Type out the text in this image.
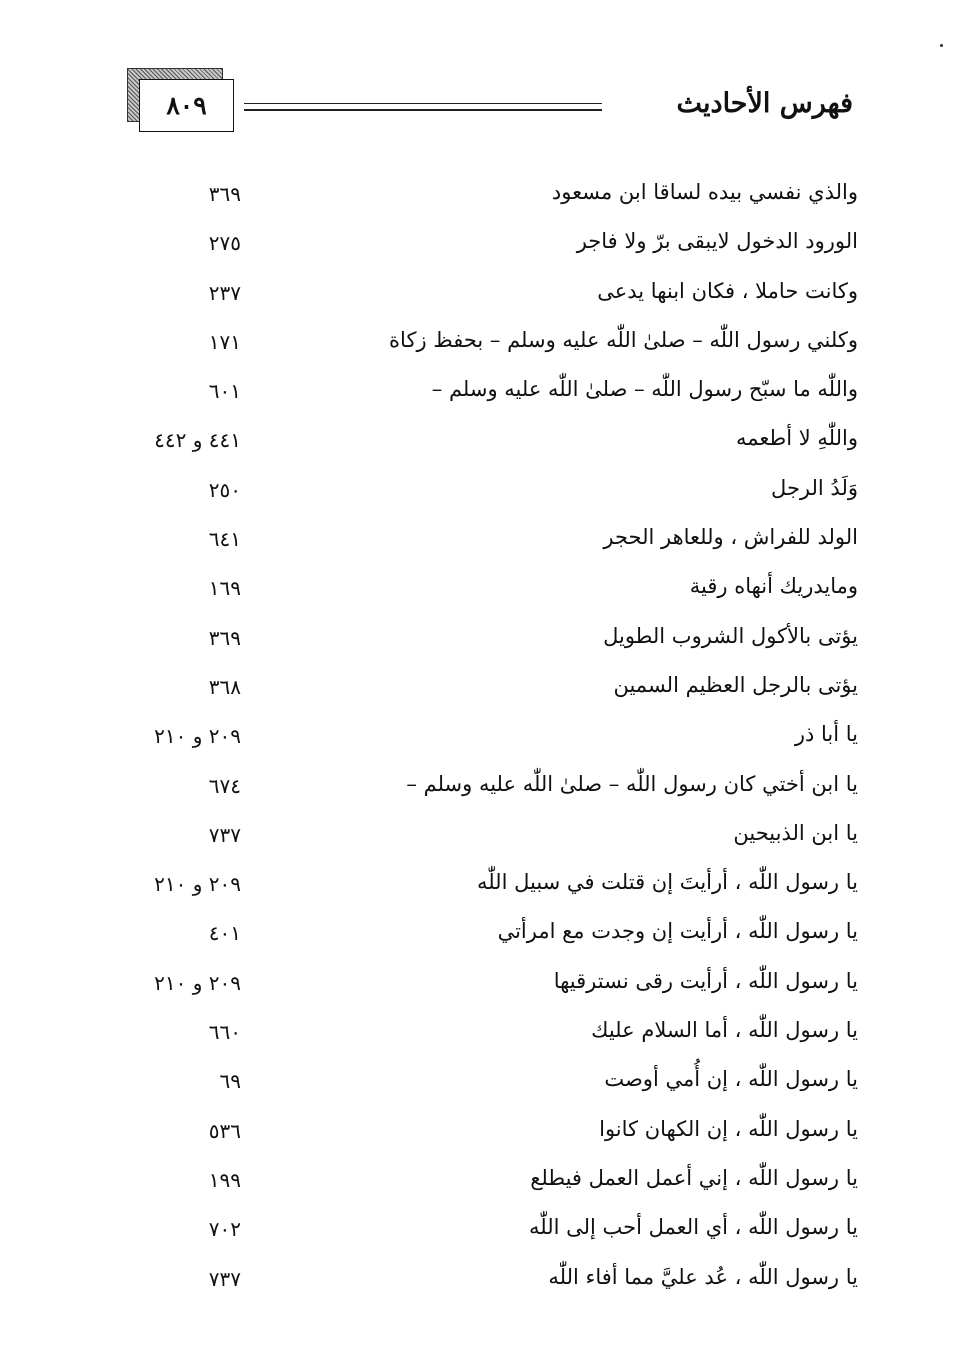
فهرس الأحاديث
٨٠٩
والذي نفسي بيده لساقا ابن مسعود
٣٦٩
الورود الدخول لايبقى برّ ولا فاجر
٢٧٥
وكانت حاملا ، فكان ابنها يدعى
٢٣٧
وكلني رسول اللّٰه – صلىٰ اللّٰه عليه وسلم – بحفظ زكاة
١٧١
واللّٰه ما سبّح رسول اللّٰه – صلىٰ اللّٰه عليه وسلم –
٦٠١
واللّٰهِ لا أطعمه
٤٤١ و ٤٤٢
وَلَدُ الرجل
٢٥٠
الولد للفراش ، وللعاهر الحجر
٦٤١
ومايدريك أنهاه رقية
١٦٩
يؤتى بالأكول الشروب الطويل
٣٦٩
يؤتى بالرجل العظيم السمين
٣٦٨
يا أبا ذر
٢٠٩ و ٢١٠
يا ابن أختي كان رسول اللّٰه – صلىٰ اللّٰه عليه وسلم –
٦٧٤
يا ابن الذبيحين
٧٣٧
يا رسول اللّٰه ، أرأيتَ إن قتلت في سبيل اللّٰه
٢٠٩ و ٢١٠
يا رسول اللّٰه ، أرأيت إن وجدت مع امرأتي
٤٠١
يا رسول اللّٰه ، أرأيت رقى نسترقيها
٢٠٩ و ٢١٠
يا رسول اللّٰه ، أما السلام عليك
٦٦٠
يا رسول اللّٰه ، إن أُمي أوصت
٦٩
يا رسول اللّٰه ، إن الكهان كانوا
٥٣٦
يا رسول اللّٰه ، إني أعمل العمل فيطلع
١٩٩
يا رسول اللّٰه ، أي العمل أحب إلى اللّٰه
٧٠٢
يا رسول اللّٰه ، عُد عليَّ مما أفاء اللّٰه
٧٣٧
